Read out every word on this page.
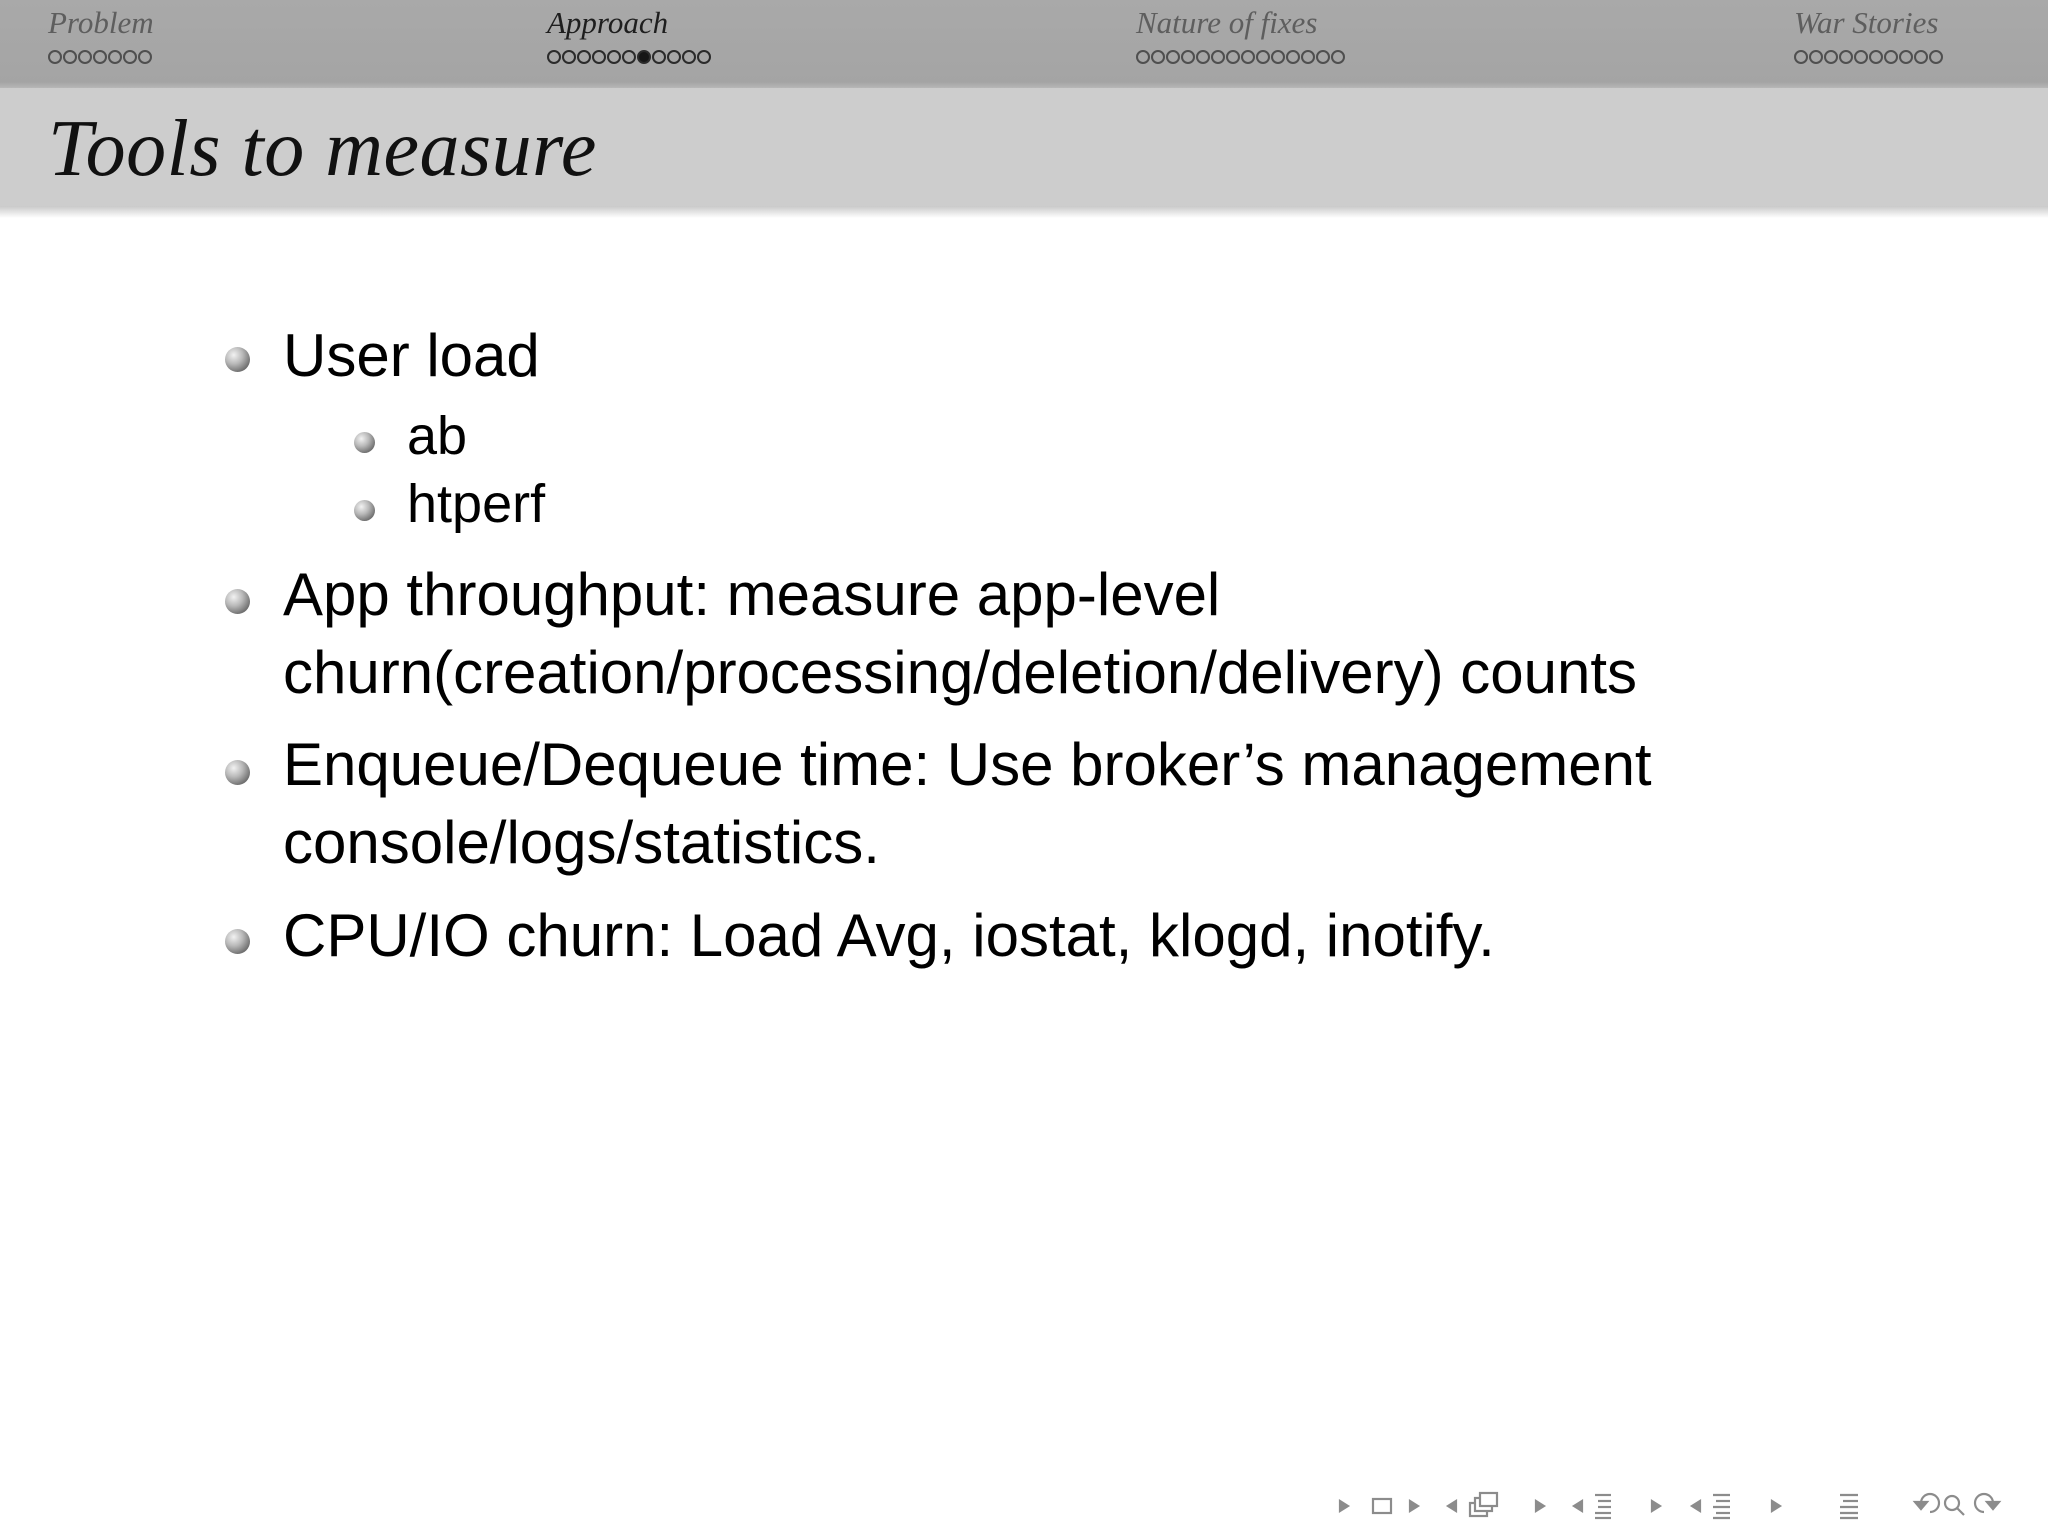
Problem	Approach	Nature of fixes	War Stories
Tools to measure
User load
ab
htperf
App throughput: measure app-level
churn(creation/processing/deletion/delivery) counts
Enqueue/Dequeue time: Use broker’s management
console/logs/statistics.
CPU/IO churn: Load Avg, iostat, klogd, inotify.
